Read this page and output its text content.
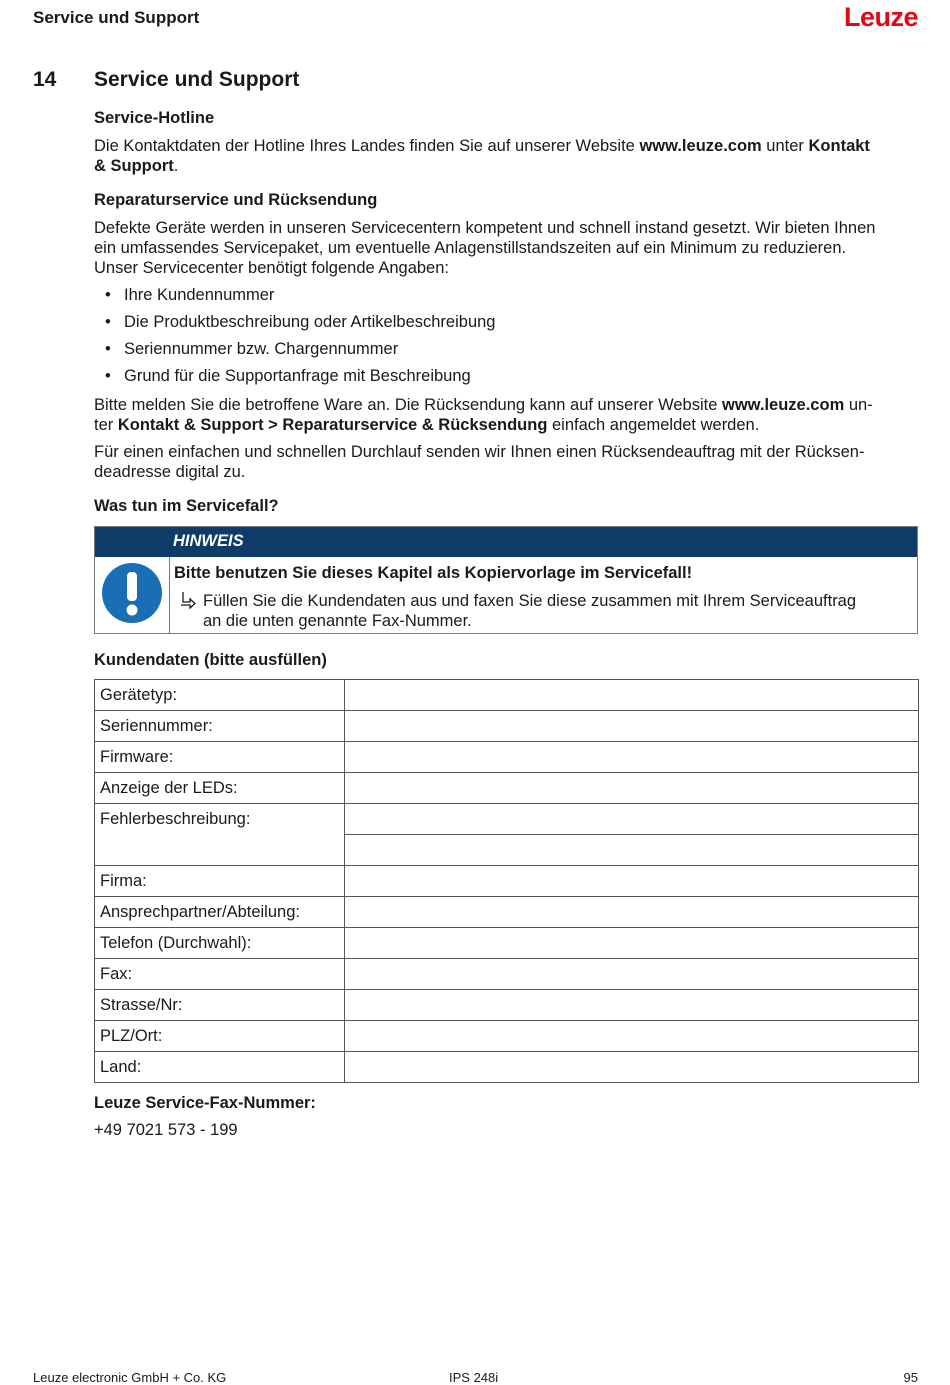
Service und Support	Leuze
14 Service und Support
Service-Hotline

Die Kontaktdaten der Hotline Ihres Landes finden Sie auf unserer Website www.leuze.com unter Kontakt
& Support.

Reparaturservice und Rücksendung

Defekte Geräte werden in unseren Servicecentern kompetent und schnell instand gesetzt. Wir bieten Ihnen
ein umfassendes Servicepaket, um eventuelle Anlagenstillstandszeiten auf ein Minimum zu reduzieren.
Unser Servicecenter benötigt folgende Angaben:

• Ihre Kundennummer
• Die Produktbeschreibung oder Artikelbeschreibung
• Seriennummer bzw. Chargennummer
• Grund für die Supportanfrage mit Beschreibung

Bitte melden Sie die betroffene Ware an. Die Rücksendung kann auf unserer Website www.leuze.com un-
ter Kontakt & Support > Reparaturservice & Rücksendung einfach angemeldet werden.

Für einen einfachen und schnellen Durchlauf senden wir Ihnen einen Rücksendeauftrag mit der Rücksen-
deadresse digital zu.

Was tun im Servicefall?
HINWEIS
Bitte benutzen Sie dieses Kapitel als Kopiervorlage im Servicefall!
Füllen Sie die Kundendaten aus und faxen Sie diese zusammen mit Ihrem Serviceauftrag
an die unten genannte Fax-Nummer.
Kundendaten (bitte ausfüllen)
Gerätetyp:	
Seriennummer:	
Firmware:	
Anzeige der LEDs:	
Fehlerbeschreibung:	

Firma:	
Ansprechpartner/Abteilung:	
Telefon (Durchwahl):	
Fax:	
Strasse/Nr:	
PLZ/Ort:	
Land:	
Leuze Service-Fax-Nummer:
+49 7021 573 - 199
Leuze electronic GmbH + Co. KG	IPS 248i	95
